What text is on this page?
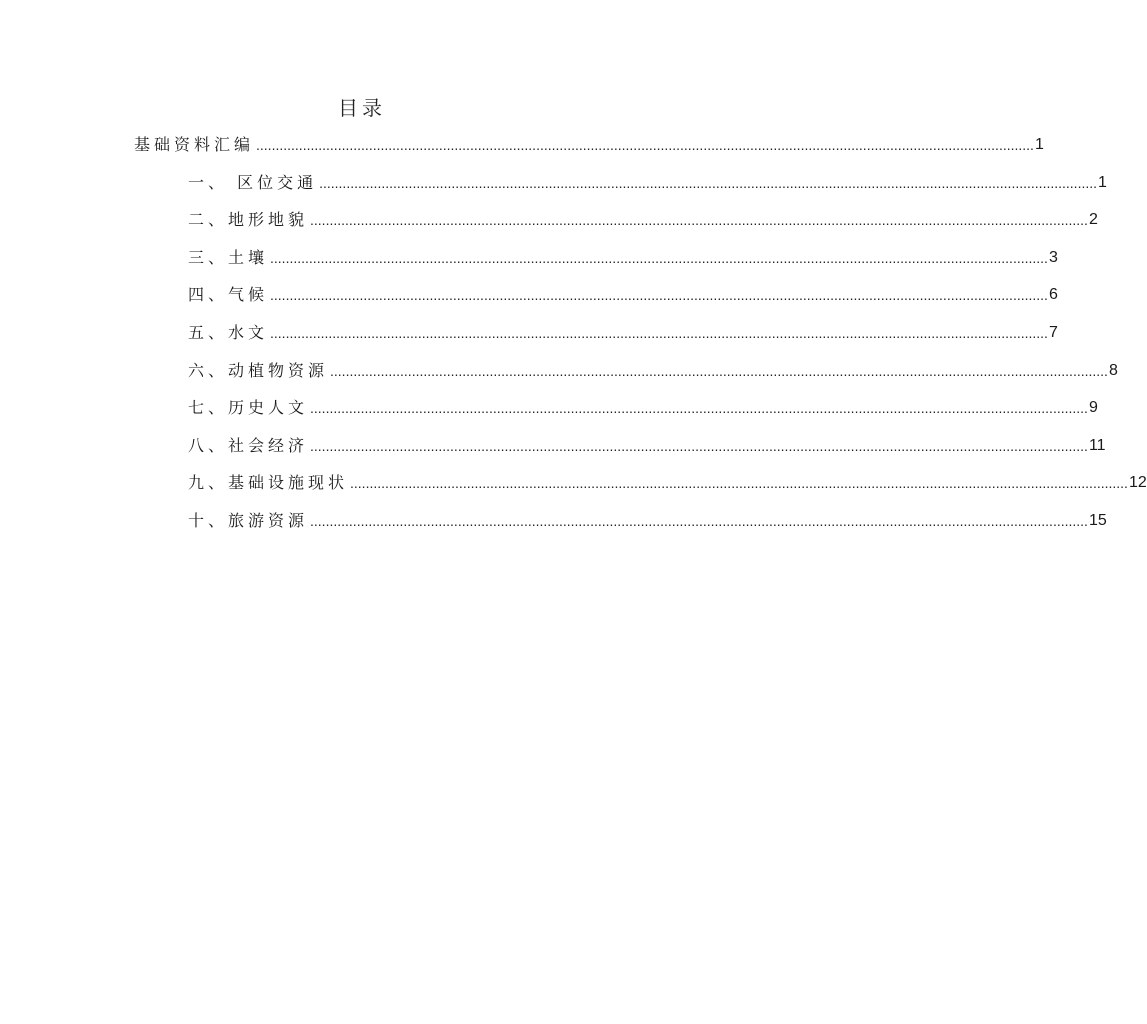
目录
基础资料汇编 ........................................................................................................................................................................................................ 1
一、 区位交通 ........................................................................................................................................................................................................ 1
二、地形地貌 ........................................................................................................................................................................................................ 2
三、土壤 ........................................................................................................................................................................................................ 3
四、气候 ........................................................................................................................................................................................................ 6
五、水文 ........................................................................................................................................................................................................ 7
六、动植物资源 ........................................................................................................................................................................................................ 8
七、历史人文 ........................................................................................................................................................................................................ 9
八、社会经济 ........................................................................................................................................................................................................ 11
九、基础设施现状 ........................................................................................................................................................................................................ 12
十、旅游资源 ........................................................................................................................................................................................................ 15
